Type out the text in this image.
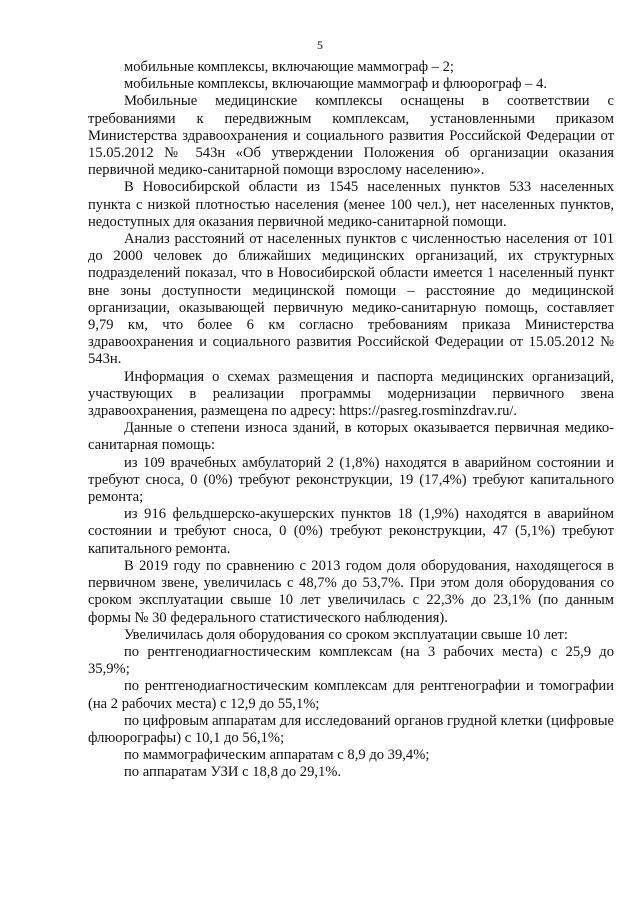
5

мобильные комплексы, включающие маммограф – 2;

мобильные комплексы, включающие маммограф и флюорограф – 4.

Мобильные медицинские комплексы оснащены в соответствии с требованиями к передвижным комплексам, установленными приказом Министерства здравоохранения и социального развития Российской Федерации от 15.05.2012 № 543н «Об утверждении Положения об организации оказания первичной медико-санитарной помощи взрослому населению».

В Новосибирской области из 1545 населенных пунктов 533 населенных пункта с низкой плотностью населения (менее 100 чел.), нет населенных пунктов, недоступных для оказания первичной медико-санитарной помощи.

Анализ расстояний от населенных пунктов с численностью населения от 101 до 2000 человек до ближайших медицинских организаций, их структурных подразделений показал, что в Новосибирской области имеется 1 населенный пункт вне зоны доступности медицинской помощи – расстояние до медицинской организации, оказывающей первичную медико-санитарную помощь, составляет 9,79 км, что более 6 км согласно требованиям приказа Министерства здравоохранения и социального развития Российской Федерации от 15.05.2012 № 543н.

Информация о схемах размещения и паспорта медицинских организаций, участвующих в реализации программы модернизации первичного звена здравоохранения, размещена по адресу: https://pasreg.rosminzdrav.ru/.

Данные о степени износа зданий, в которых оказывается первичная медико-санитарная помощь:

из 109 врачебных амбулаторий 2 (1,8%) находятся в аварийном состоянии и требуют сноса, 0 (0%) требуют реконструкции, 19 (17,4%) требуют капитального ремонта;

из 916 фельдшерско-акушерских пунктов 18 (1,9%) находятся в аварийном состоянии и требуют сноса, 0 (0%) требуют реконструкции, 47 (5,1%) требуют капитального ремонта.

В 2019 году по сравнению с 2013 годом доля оборудования, находящегося в первичном звене, увеличилась с 48,7% до 53,7%. При этом доля оборудования со сроком эксплуатации свыше 10 лет увеличилась с 22,3% до 23,1% (по данным формы № 30 федерального статистического наблюдения).

Увеличилась доля оборудования со сроком эксплуатации свыше 10 лет:

по рентгенодиагностическим комплексам (на 3 рабочих места) с 25,9 до 35,9%;

по рентгенодиагностическим комплексам для рентгенографии и томографии (на 2 рабочих места) с 12,9 до 55,1%;

по цифровым аппаратам для исследований органов грудной клетки (цифровые флюорографы) с 10,1 до 56,1%;

по маммографическим аппаратам с 8,9 до 39,4%;

по аппаратам УЗИ с 18,8 до 29,1%.
